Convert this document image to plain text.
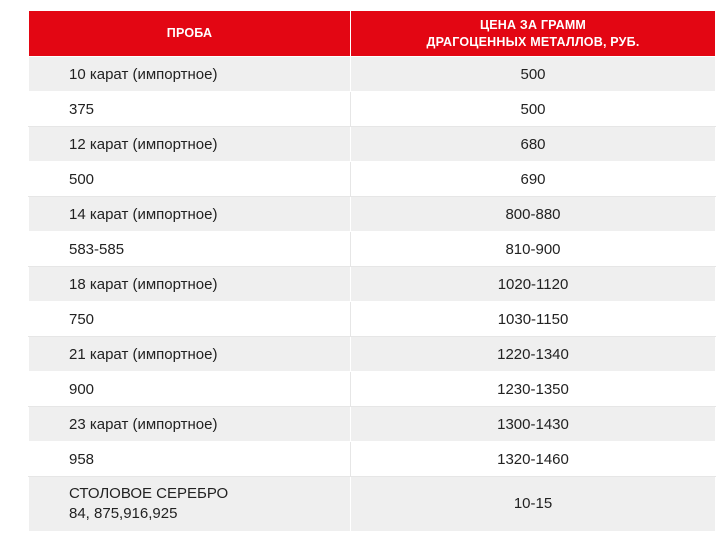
ПРОБА	ЦЕНА ЗА ГРАММ
ДРАГОЦЕННЫХ МЕТАЛЛОВ, РУБ.

10 карат (импортное)	500
375	500
12 карат (импортное)	680
500	690
14 карат (импортное)	800-880
583-585	810-900
18 карат (импортное)	1020-1120
750	1030-1150
21 карат (импортное)	1220-1340
900	1230-1350
23 карат (импортное)	1300-1430
958	1320-1460

СТОЛОВОЕ СЕРЕБРО
84, 875,916,925	10-15
